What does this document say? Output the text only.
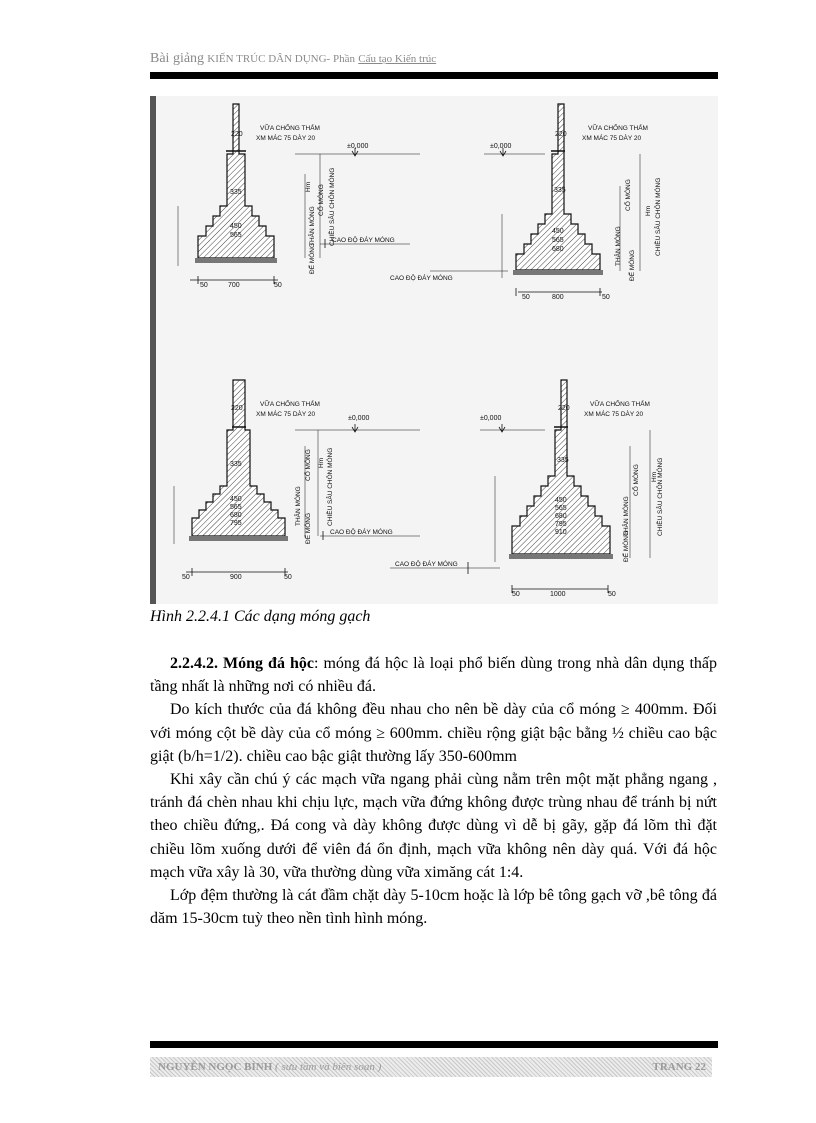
Bài giảng KIẾN TRÚC DÂN DỤNG- Phần Cấu tạo Kiến trúc
VỮA CHỐNG THẤM
XM MÁC 75 DÀY 20
±0,000
CAO ĐỘ ĐÁY MÓNG
CỔ MÓNG
THÂN MÓNG
ĐẾ MÓNG
CHIỀU SÂU CHÔN MÓNG
Hm
220
335
450
565
700
50	50
VỮA CHỐNG THẤM
XM MÁC 75 DÀY 20
±0,000
CAO ĐỘ ĐÁY MÓNG
CỔ MÓNG
THÂN MÓNG	ĐẾ MÓNG
CHIỀU SÂU CHÔN MÓNG
Hm
220
335
450
565
680
800
50	50
VỮA CHỐNG THẤM
XM MÁC 75 DÀY 20
±0,000
CAO ĐỘ ĐÁY MÓNG
CỔ MÓNG
THÂN MÓNG
ĐẾ MÓNG
CHIỀU SÂU CHÔN MÓNG
Hm
220
335
450
565
680
795
900
50	50
VỮA CHỐNG THẤM
XM MÁC 75 DÀY 20
±0,000
CAO ĐỘ ĐÁY MÓNG
CỔ MÓNG
THÂN MÓNG
ĐẾ MÓNG
CHIỀU SÂU CHÔN MÓNG
Hm
220
335
450
565
680
795
910
1000
50	50
Hình 2.2.4.1 Các dạng móng gạch

2.2.4.2. Móng đá hộc: móng đá hộc là loại phổ biến dùng trong nhà dân dụng thấp tầng nhất là những nơi có nhiều đá.

Do kích thước của đá không đều nhau cho nên bề dày của cổ móng ≥ 400mm. Đối với móng cột bề dày của cổ móng ≥ 600mm. chiều rộng giật bậc bằng ½ chiều cao bậc giật (b/h=1/2). chiều cao bậc giật thường lấy 350-600mm

Khi xây cần chú ý các mạch vữa ngang phải cùng nằm trên một mặt phẳng ngang , tránh đá chèn nhau khi chịu lực, mạch vữa đứng không được trùng nhau để tránh bị nứt theo chiều đứng,. Đá cong và dày không được dùng vì dễ bị gãy, gặp đá lõm thì đặt chiều lõm xuống dưới để viên đá ổn định, mạch vữa không nên dày quá. Với đá hộc mạch vữa xây là 30, vữa thường dùng vữa ximăng cát 1:4.

Lớp đệm thường là cát đầm chặt dày 5-10cm hoặc là lớp bê tông gạch vỡ ,bê tông đá dăm 15-30cm tuỳ theo nền tình hình móng.

NGUYỄN NGỌC BÌNH ( sưu tầm và biên soạn )	TRANG 22
